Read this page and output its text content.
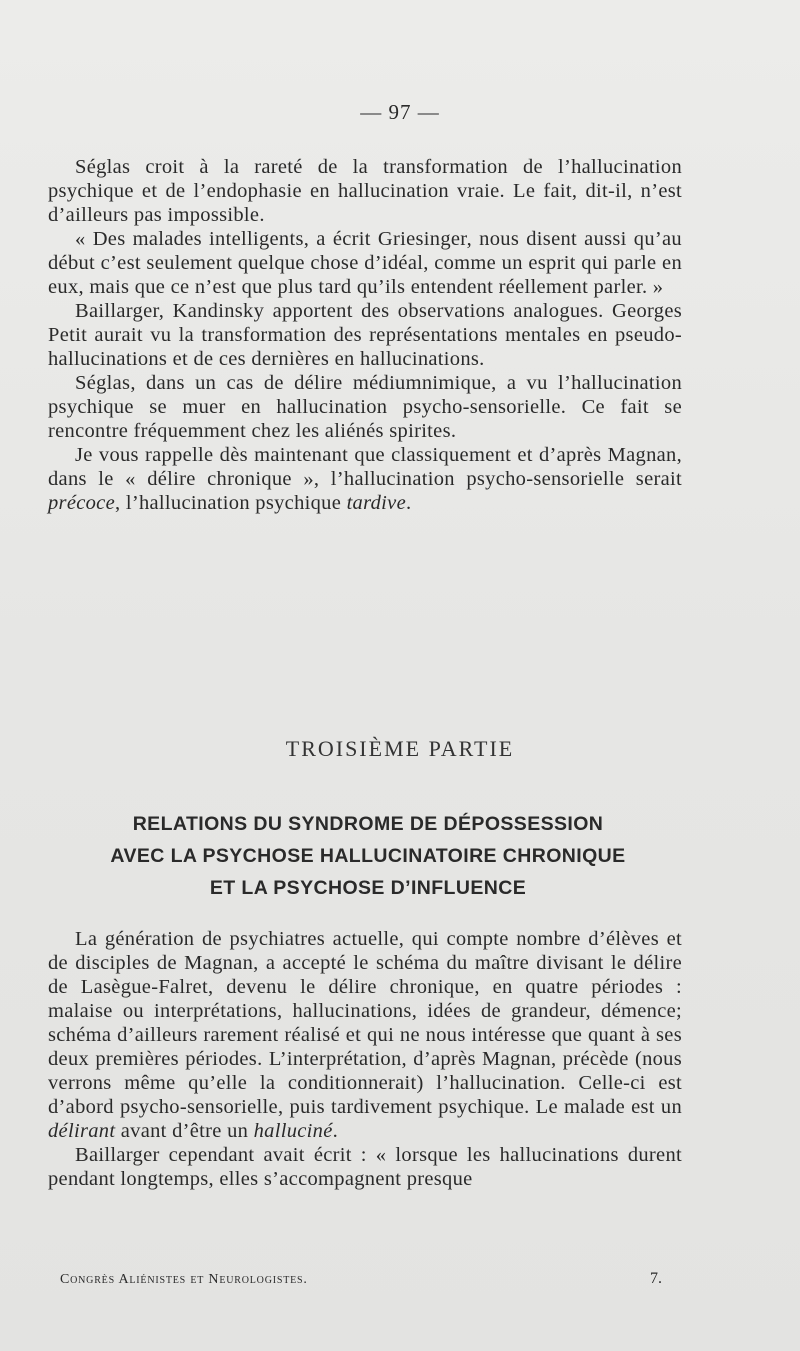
— 97 —

Séglas croit à la rareté de la transformation de l’hallucination psychique et de l’endophasie en hallucination vraie. Le fait, dit-il, n’est d’ailleurs pas impossible.

« Des malades intelligents, a écrit Griesinger, nous disent aussi qu’au début c’est seulement quelque chose d’idéal, comme un esprit qui parle en eux, mais que ce n’est que plus tard qu’ils entendent réellement parler. »

Baillarger, Kandinsky apportent des observations analogues. Georges Petit aurait vu la transformation des représentations mentales en pseudo-hallucinations et de ces dernières en hallucinations.

Séglas, dans un cas de délire médiumnimique, a vu l’hallucination psychique se muer en hallucination psycho-sensorielle. Ce fait se rencontre fréquemment chez les aliénés spirites.

Je vous rappelle dès maintenant que classiquement et d’après Magnan, dans le « délire chronique », l’hallucination psycho-sensorielle serait précoce, l’hallucination psychique tardive.

TROISIÈME PARTIE
RELATIONS DU SYNDROME DE DÉPOSSESSION
AVEC LA PSYCHOSE HALLUCINATOIRE CHRONIQUE
ET LA PSYCHOSE D’INFLUENCE

La génération de psychiatres actuelle, qui compte nombre d’élèves et de disciples de Magnan, a accepté le schéma du maître divisant le délire de Lasègue-Falret, devenu le délire chronique, en quatre périodes : malaise ou interprétations, hallucinations, idées de grandeur, démence; schéma d’ailleurs rarement réalisé et qui ne nous intéresse que quant à ses deux premières périodes. L’interprétation, d’après Magnan, précède (nous verrons même qu’elle la conditionnerait) l’hallucination. Celle-ci est d’abord psycho-sensorielle, puis tardivement psychique. Le malade est un délirant avant d’être un halluciné.

Baillarger cependant avait écrit : « lorsque les hallucinations durent pendant longtemps, elles s’accompagnent presque

Congrès Aliénistes et Neurologistes.	7.
